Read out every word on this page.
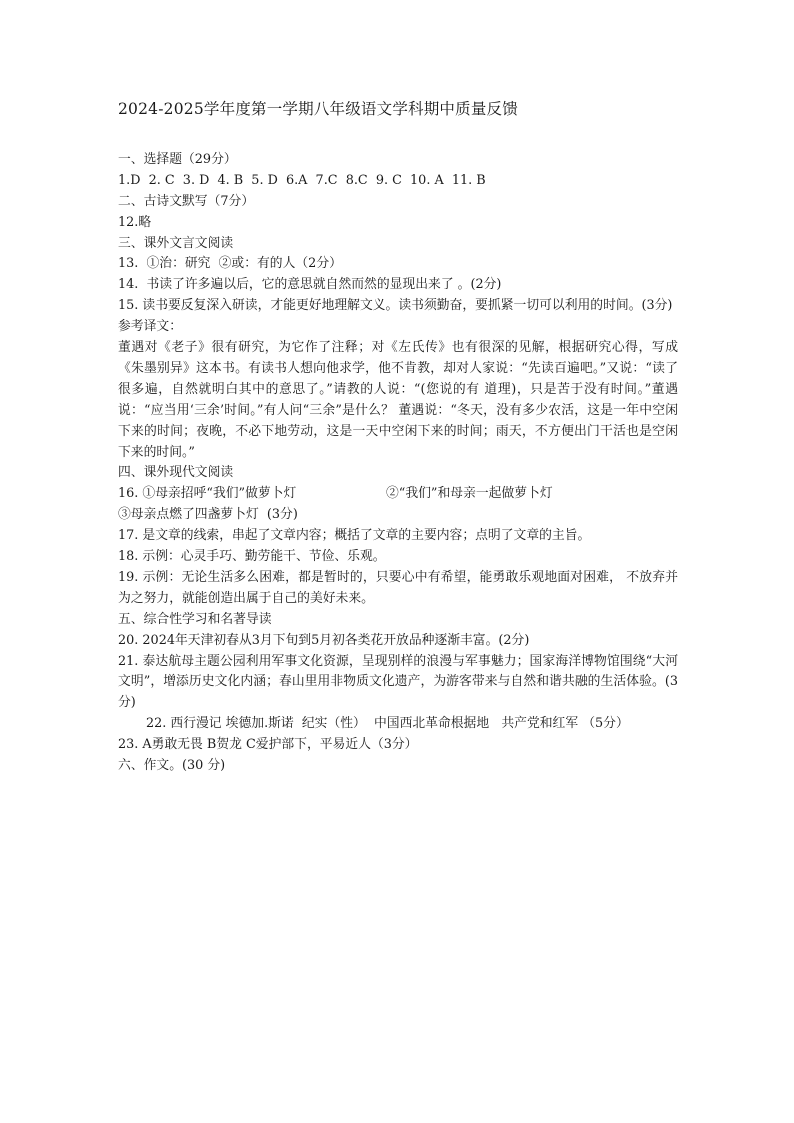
2024-2025学年度第一学期八年级语文学科期中质量反馈
一、选择题（29分）
1.D  2. C  3. D  4. B  5. D  6.A  7.C  8.C  9. C  10. A  11. B
二、古诗文默写（7分）
12.略
三、课外文言文阅读
13.  ①治：研究  ②或：有的人（2分）
14.  书读了许多遍以后，它的意思就自然而然的显现出来了 。(2分)
15. 读书要反复深入研读，才能更好地理解文义。读书须勤奋，要抓紧一切可以利用的时间。(3分)
参考译文：
董遇对《老子》很有研究，为它作了注释；对《左氏传》也有很深的见解，根据研究心得，写成《朱墨别异》这本书。有读书人想向他求学，他不肯教，却对人家说：“先读百遍吧。”又说：“读了很多遍，自然就明白其中的意思了。”请教的人说：“(您说的有 道理)，只是苦于没有时间。”董遇说：“应当用‘三余’时间。”有人问“三余”是什么？ 董遇说：“冬天，没有多少农活，这是一年中空闲下来的时间；夜晚，不必下地劳动，这是一天中空闲下来的时间；雨天，不方便出门干活也是空闲下来的时间。”
四、课外现代文阅读
16. ①母亲招呼“我们”做萝卜灯	②“我们”和母亲一起做萝卜灯
③母亲点燃了四盏萝卜灯  (3分)
17. 是文章的线索，串起了文章内容；概括了文章的主要内容；点明了文章的主旨。
18. 示例：心灵手巧、勤劳能干、节俭、乐观。
19. 示例：无论生活多么困难，都是暂时的，只要心中有希望，能勇敢乐观地面对困难， 不放弃并为之努力，就能创造出属于自己的美好未来。
五、综合性学习和名著导读
20. 2024年天津初春从3月下旬到5月初各类花开放品种逐渐丰富。(2分)
21. 泰达航母主题公园利用军事文化资源，呈现别样的浪漫与军事魅力；国家海洋博物馆围绕“大河文明”，增添历史文化内涵；春山里用非物质文化遗产，为游客带来与自然和谐共融的生活体验。(3分)
22. 西行漫记 埃德加.斯诺  纪实（性）  中国西北革命根据地   共产党和红军 （5分）
23. A勇敢无畏 B贺龙 C爱护部下，平易近人（3分）
六、作文。(30 分)
